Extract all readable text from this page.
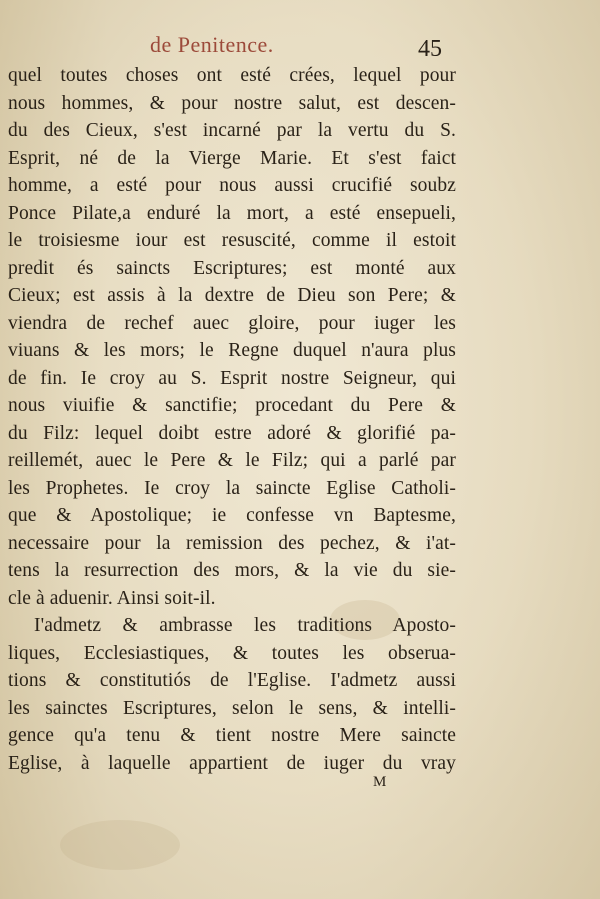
de Penitence.	45
quel toutes choses ont esté crées, lequel pour
nous hommes, & pour nostre salut, est descen-
du des Cieux, s'est incarné par la vertu du S.
Esprit, né de la Vierge Marie. Et s'est faict
homme, a esté pour nous aussi crucifié soubz
Ponce Pilate,a enduré la mort, a esté ensepueli,
le troisiesme iour est resuscité, comme il estoit
predit és saincts Escriptures; est monté aux
Cieux; est assis à la dextre de Dieu son Pere; &
viendra de rechef auec gloire, pour iuger les
viuans & les mors; le Regne duquel n'aura plus
de fin. Ie croy au S. Esprit nostre Seigneur, qui
nous viuifie & sanctifie; procedant du Pere &
du Filz: lequel doibt estre adoré & glorifié pa-
reillemét, auec le Pere & le Filz; qui a parlé par
les Prophetes. Ie croy la saincte Eglise Catholi-
que & Apostolique; ie confesse vn Baptesme,
necessaire pour la remission des pechez, & i'at-
tens la resurrection des mors, & la vie du sie-
cle à aduenir. Ainsi soit-il.
I'admetz & ambrasse les traditions Aposto-
liques, Ecclesiastiques, & toutes les obserua-
tions & constitutiós de l'Eglise. I'admetz aussi
les sainctes Escriptures, selon le sens, & intelli-
gence qu'a tenu & tient nostre Mere saincte
Eglise, à laquelle appartient de iuger du vray
M
